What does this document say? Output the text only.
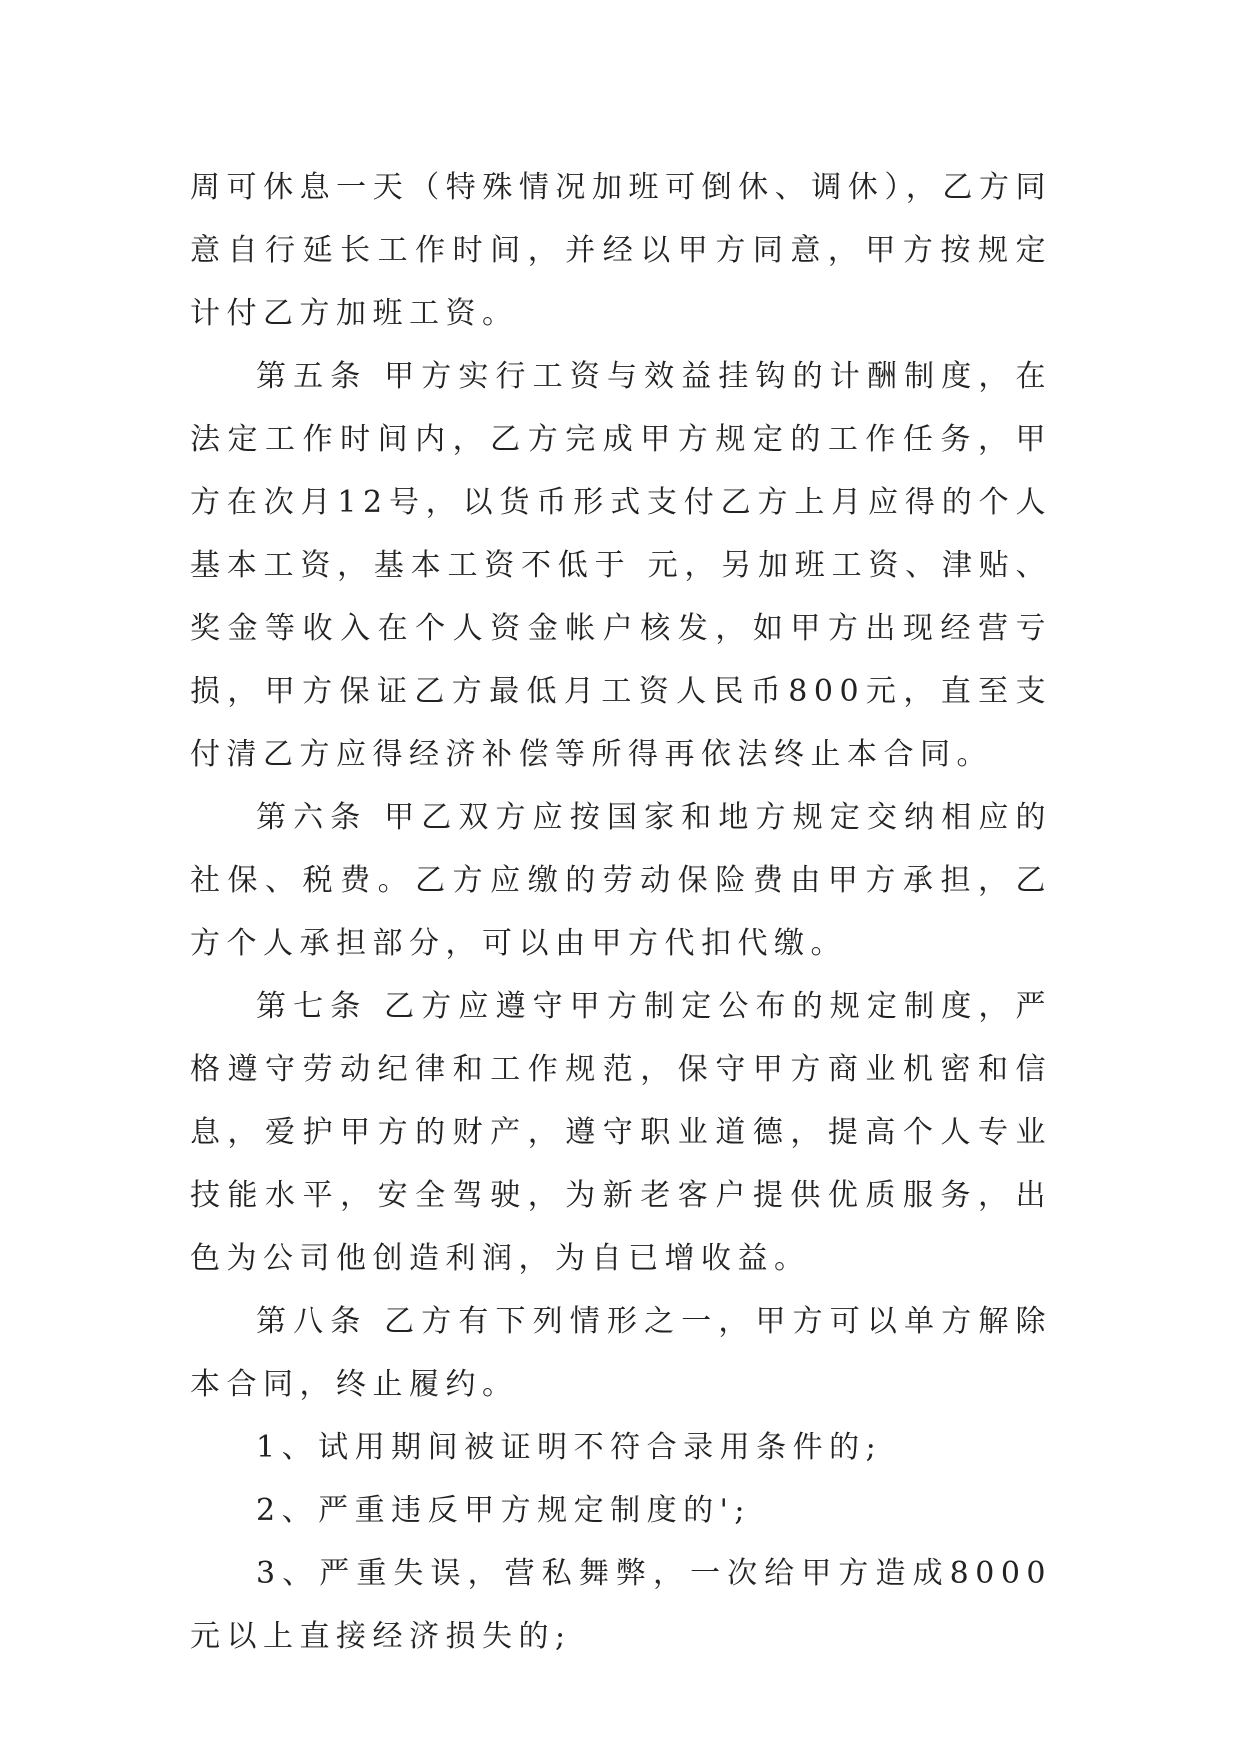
周可休息一天（特殊情况加班可倒休、调休），乙方同意自行延长工作时间，并经以甲方同意，甲方按规定计付乙方加班工资。

第五条 甲方实行工资与效益挂钩的计酬制度，在法定工作时间内，乙方完成甲方规定的工作任务，甲方在次月12号，以货币形式支付乙方上月应得的个人基本工资，基本工资不低于 元，另加班工资、津贴、奖金等收入在个人资金帐户核发，如甲方出现经营亏损，甲方保证乙方最低月工资人民币800元，直至支付清乙方应得经济补偿等所得再依法终止本合同。

第六条 甲乙双方应按国家和地方规定交纳相应的社保、税费。乙方应缴的劳动保险费由甲方承担，乙方个人承担部分，可以由甲方代扣代缴。

第七条 乙方应遵守甲方制定公布的规定制度，严格遵守劳动纪律和工作规范，保守甲方商业机密和信息，爱护甲方的财产，遵守职业道德，提高个人专业技能水平，安全驾驶，为新老客户提供优质服务，出色为公司他创造利润，为自已增收益。

第八条 乙方有下列情形之一，甲方可以单方解除本合同，终止履约。

1、试用期间被证明不符合录用条件的;

2、严重违反甲方规定制度的';

3、严重失误，营私舞弊，一次给甲方造成8000元以上直接经济损失的;
